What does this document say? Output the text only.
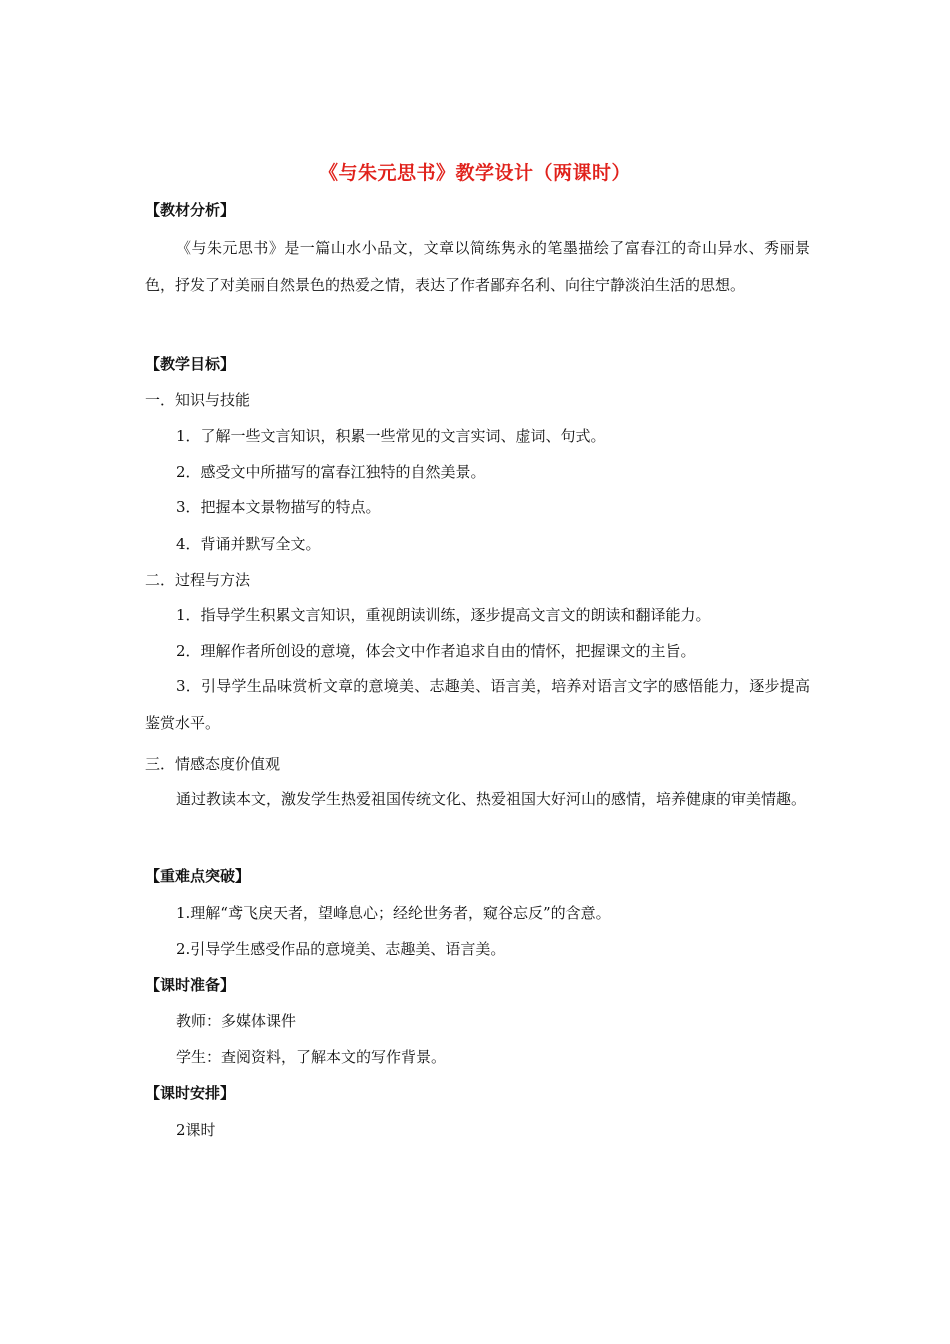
《与朱元思书》教学设计（两课时）
【教材分析】
《与朱元思书》是一篇山水小品文，文章以简练隽永的笔墨描绘了富春江的奇山异水、秀丽景色，抒发了对美丽自然景色的热爱之情，表达了作者鄙弃名利、向往宁静淡泊生活的思想。
【教学目标】
一．知识与技能
1．了解一些文言知识，积累一些常见的文言实词、虚词、句式。
2．感受文中所描写的富春江独特的自然美景。
3．把握本文景物描写的特点。
4．背诵并默写全文。
二．过程与方法
1．指导学生积累文言知识，重视朗读训练，逐步提高文言文的朗读和翻译能力。
2．理解作者所创设的意境，体会文中作者追求自由的情怀，把握课文的主旨。
3．引导学生品味赏析文章的意境美、志趣美、语言美，培养对语言文字的感悟能力，逐步提高鉴赏水平。
三．情感态度价值观
通过教读本文，激发学生热爱祖国传统文化、热爱祖国大好河山的感情，培养健康的审美情趣。
【重难点突破】
1.理解“鸢飞戾天者，望峰息心；经纶世务者，窥谷忘反”的含意。
2.引导学生感受作品的意境美、志趣美、语言美。
【课时准备】
教师：多媒体课件
学生：查阅资料，了解本文的写作背景。
【课时安排】
2课时
